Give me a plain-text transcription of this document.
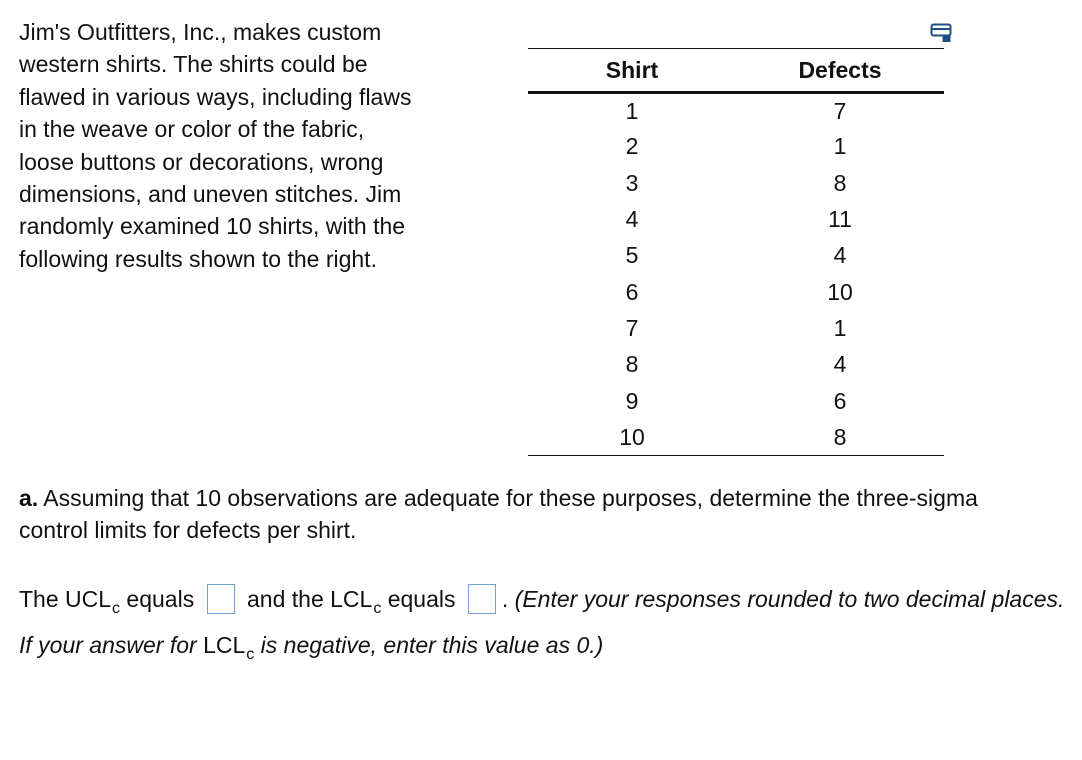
Jim's Outfitters, Inc., makes custom western shirts. The shirts could be flawed in various ways, including flaws in the weave or color of the fabric, loose buttons or decorations, wrong dimensions, and uneven stitches. Jim randomly examined 10 shirts, with the following results shown to the right.

Shirt	Defects
1	7
2	1
3	8
4	11
5	4
6	10
7	1
8	4
9	6
10	8

a. Assuming that 10 observations are adequate for these purposes, determine the three-sigma control limits for defects per shirt.

The $UCL_c$ equals  and the $LCL_c$ equals . (Enter your responses rounded to two decimal places. If your answer for $LCL_c$ is negative, enter this value as 0.)
